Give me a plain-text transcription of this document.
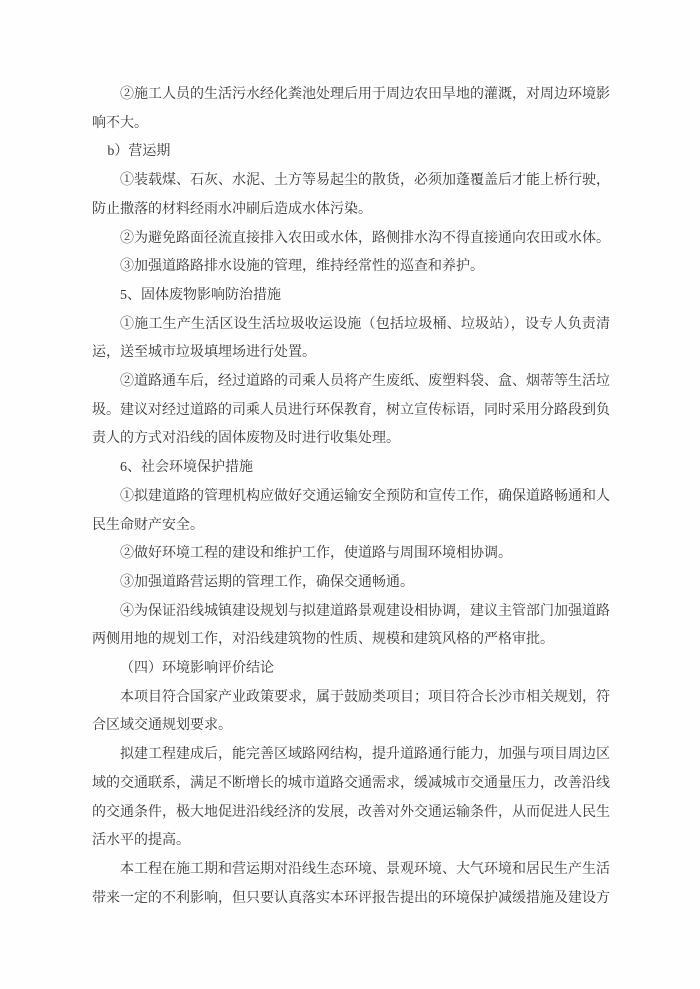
②施工人员的生活污水经化粪池处理后用于周边农田旱地的灌溉，对周边环境影响不大。

b）营运期

①装载煤、石灰、水泥、土方等易起尘的散货，必须加蓬覆盖后才能上桥行驶，防止撒落的材料经雨水冲刷后造成水体污染。

②为避免路面径流直接排入农田或水体，路侧排水沟不得直接通向农田或水体。

③加强道路路排水设施的管理，维持经常性的巡查和养护。

5、固体废物影响防治措施

①施工生产生活区设生活垃圾收运设施（包括垃圾桶、垃圾站），设专人负责清运，送至城市垃圾填埋场进行处置。

②道路通车后，经过道路的司乘人员将产生废纸、废塑料袋、盒、烟蒂等生活垃圾。建议对经过道路的司乘人员进行环保教育，树立宣传标语，同时采用分路段到负责人的方式对沿线的固体废物及时进行收集处理。

6、社会环境保护措施

①拟建道路的管理机构应做好交通运输安全预防和宣传工作，确保道路畅通和人民生命财产安全。

②做好环境工程的建设和维护工作，使道路与周围环境相协调。

③加强道路营运期的管理工作，确保交通畅通。

④为保证沿线城镇建设规划与拟建道路景观建设相协调，建议主管部门加强道路两侧用地的规划工作，对沿线建筑物的性质、规模和建筑风格的严格审批。

（四）环境影响评价结论

本项目符合国家产业政策要求，属于鼓励类项目；项目符合长沙市相关规划，符合区域交通规划要求。

拟建工程建成后，能完善区域路网结构，提升道路通行能力，加强与项目周边区域的交通联系，满足不断增长的城市道路交通需求，缓减城市交通量压力，改善沿线的交通条件，极大地促进沿线经济的发展，改善对外交通运输条件，从而促进人民生活水平的提高。

本工程在施工期和营运期对沿线生态环境、景观环境、大气环境和居民生产生活带来一定的不利影响，但只要认真落实本环评报告提出的环境保护减缓措施及建设方
